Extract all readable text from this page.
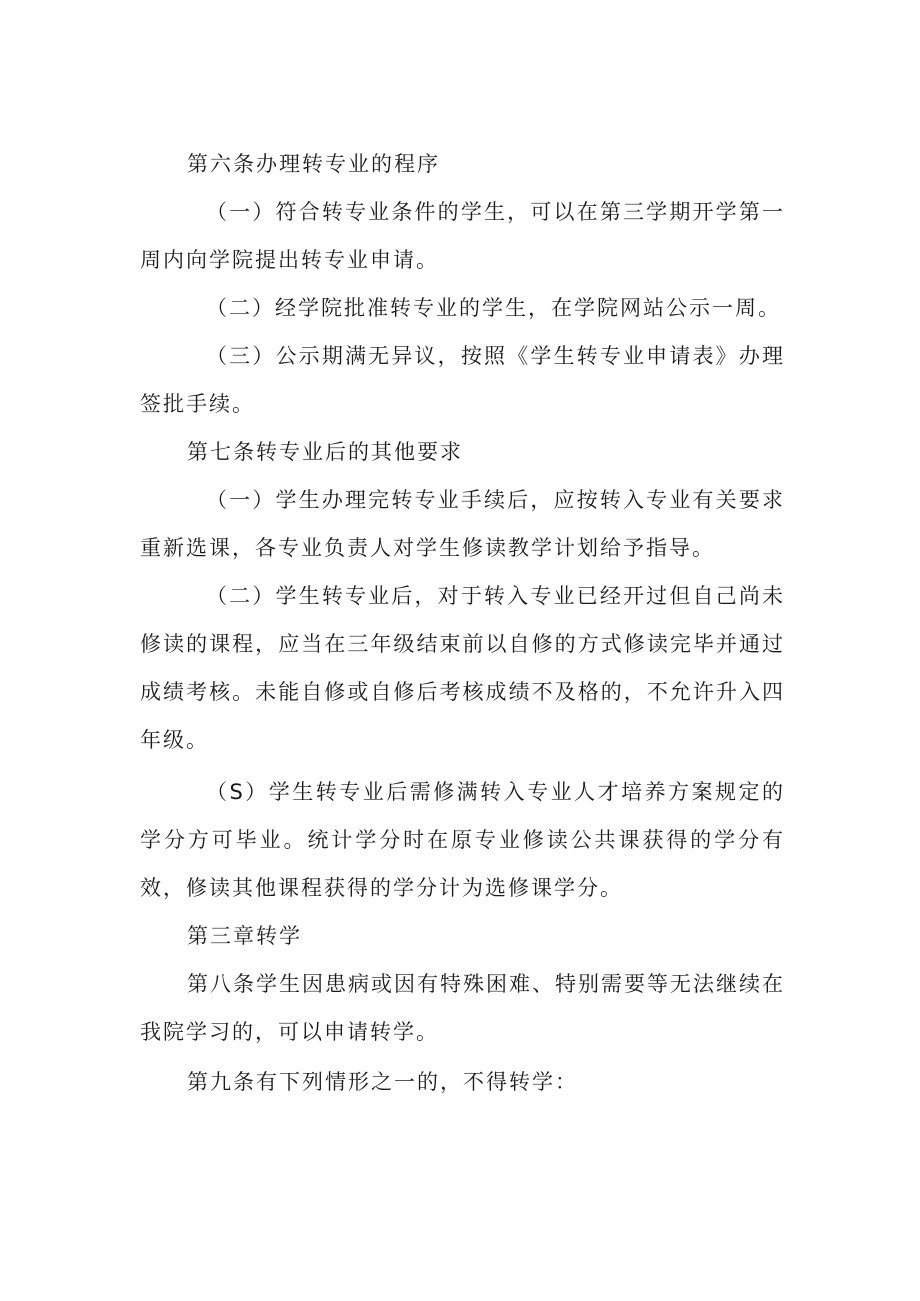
第六条办理转专业的程序

（一）符合转专业条件的学生，可以在第三学期开学第一周内向学院提出转专业申请。

（二）经学院批准转专业的学生，在学院网站公示一周。

（三）公示期满无异议，按照《学生转专业申请表》办理签批手续。

第七条转专业后的其他要求

（一）学生办理完转专业手续后，应按转入专业有关要求重新选课，各专业负责人对学生修读教学计划给予指导。

（二）学生转专业后，对于转入专业已经开过但自己尚未修读的课程，应当在三年级结束前以自修的方式修读完毕并通过成绩考核。未能自修或自修后考核成绩不及格的，不允许升入四年级。

（S）学生转专业后需修满转入专业人才培养方案规定的学分方可毕业。统计学分时在原专业修读公共课获得的学分有效，修读其他课程获得的学分计为选修课学分。

第三章转学

第八条学生因患病或因有特殊困难、特别需要等无法继续在我院学习的，可以申请转学。

第九条有下列情形之一的，不得转学：
